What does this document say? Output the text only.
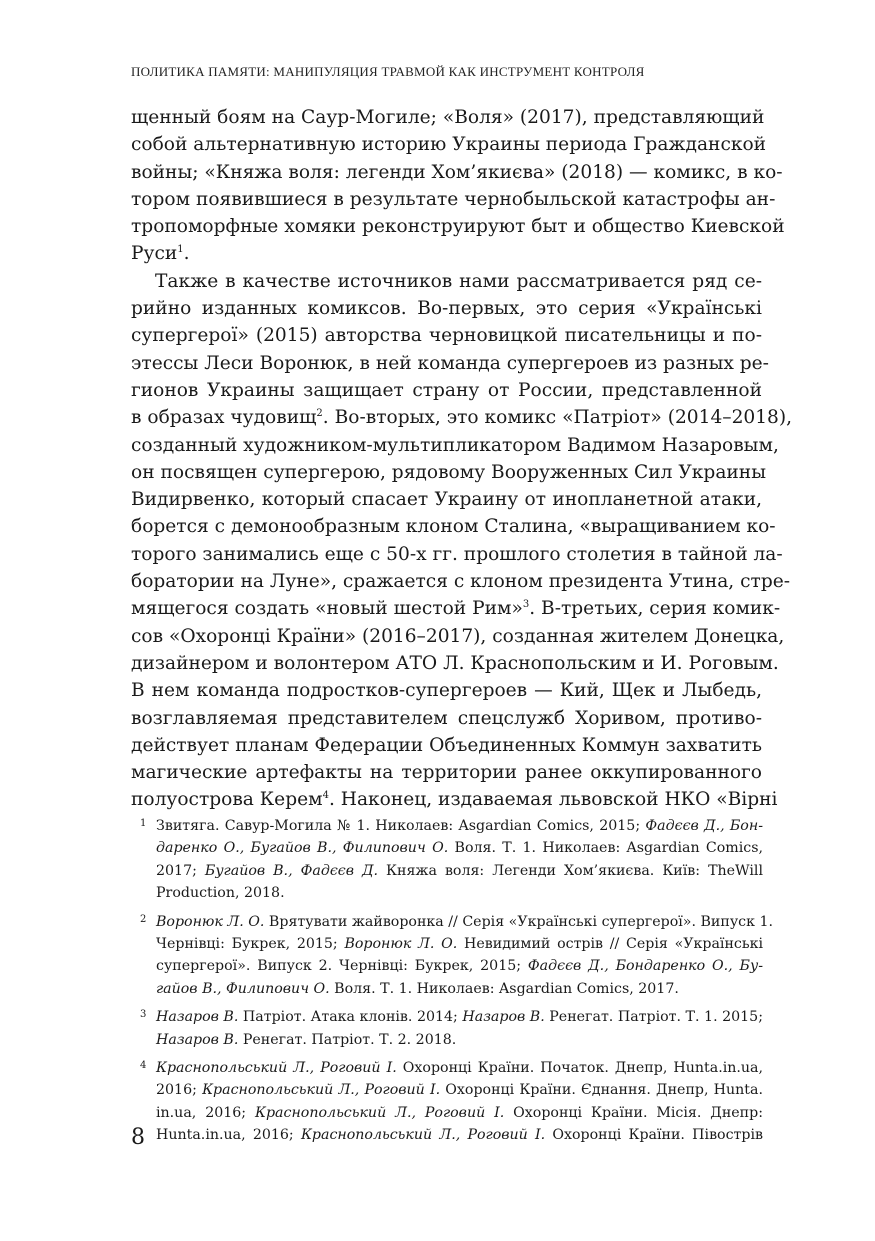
ПОЛИТИКА ПАМЯТИ: МАНИПУЛЯЦИЯ ТРАВМОЙ КАК ИНСТРУМЕНТ КОНТРОЛЯ
щенный боям на Саур-Могиле; «Воля» (2017), представляющий
собой альтернативную историю Украины периода Гражданской
войны; «Княжа воля: легенди Хом’якиєва» (2018) — комикс, в ко-
тором появившиеся в результате чернобыльской катастрофы ан-
тропоморфные хомяки реконструируют быт и общество Киевской
Руси$^1$.
Также в качестве источников нами рассматривается ряд се-
рийно изданных комиксов. Во-первых, это серия «Українські
супергерої» (2015) авторства черновицкой писательницы и по-
этессы Леси Воронюк, в ней команда супергероев из разных ре-
гионов Украины защищает страну от России, представленной
в образах чудовищ$^2$. Во-вторых, это комикс «Патріот» (2014–2018),
созданный художником-мультипликатором Вадимом Назаровым,
он посвящен супергерою, рядовому Вооруженных Сил Украины
Видирвенко, который спасает Украину от инопланетной атаки,
борется с демонообразным клоном Сталина, «выращиванием ко-
торого занимались еще с 50-х гг. прошлого столетия в тайной ла-
боратории на Луне», сражается с клоном президента Утина, стре-
мящегося создать «новый шестой Рим»$^3$. В-третьих, серия комик-
сов «Охоронці Країни» (2016–2017), созданная жителем Донецка,
дизайнером и волонтером АТО Л. Краснопольским и И. Роговым.
В нем команда подростков-супергероев — Кий, Щек и Лыбедь,
возглавляемая представителем спецслужб Хоривом, противо-
действует планам Федерации Объединенных Коммун захватить
магические артефакты на территории ранее оккупированного
полуострова Керем$^4$. Наконец, издаваемая львовской НКО «Вірні
1 Звитяга. Савур-Могила № 1. Николаев: Asgardian Comics, 2015; Фадєєв Д., Бон-
даренко О., Бугайов В., Филипович О. Воля. Т. 1. Николаев: Asgardian Comics,
2017; Бугайов В., Фадєєв Д. Княжа воля: Легенди Хом’якиєва. Київ: TheWill
Production, 2018.
2 Воронюк Л. О. Врятувати жайворонка // Серія «Українські супергерої». Випуск 1.
Чернівці: Букрек, 2015; Воронюк Л. О. Невидимий острів // Серія «Українські
супергерої». Випуск 2. Чернівці: Букрек, 2015; Фадєєв Д., Бондаренко О., Бу-
гайов В., Филипович О. Воля. Т. 1. Николаев: Asgardian Comics, 2017.
3 Назаров В. Патріот. Атака клонів. 2014; Назаров В. Ренегат. Патріот. Т. 1. 2015;
Назаров В. Ренегат. Патріот. Т. 2. 2018.
4 Краснопольський Л., Роговий І. Охоронці Країни. Початок. Днепр, Hunta.in.ua,
2016; Краснопольський Л., Роговий І. Охоронці Країни. Єднання. Днепр, Hunta.
in.ua, 2016; Краснопольський Л., Роговий І. Охоронці Країни. Місія. Днепр:
Hunta.in.ua, 2016; Краснопольський Л., Роговий І. Охоронці Країни. Півострів
8
